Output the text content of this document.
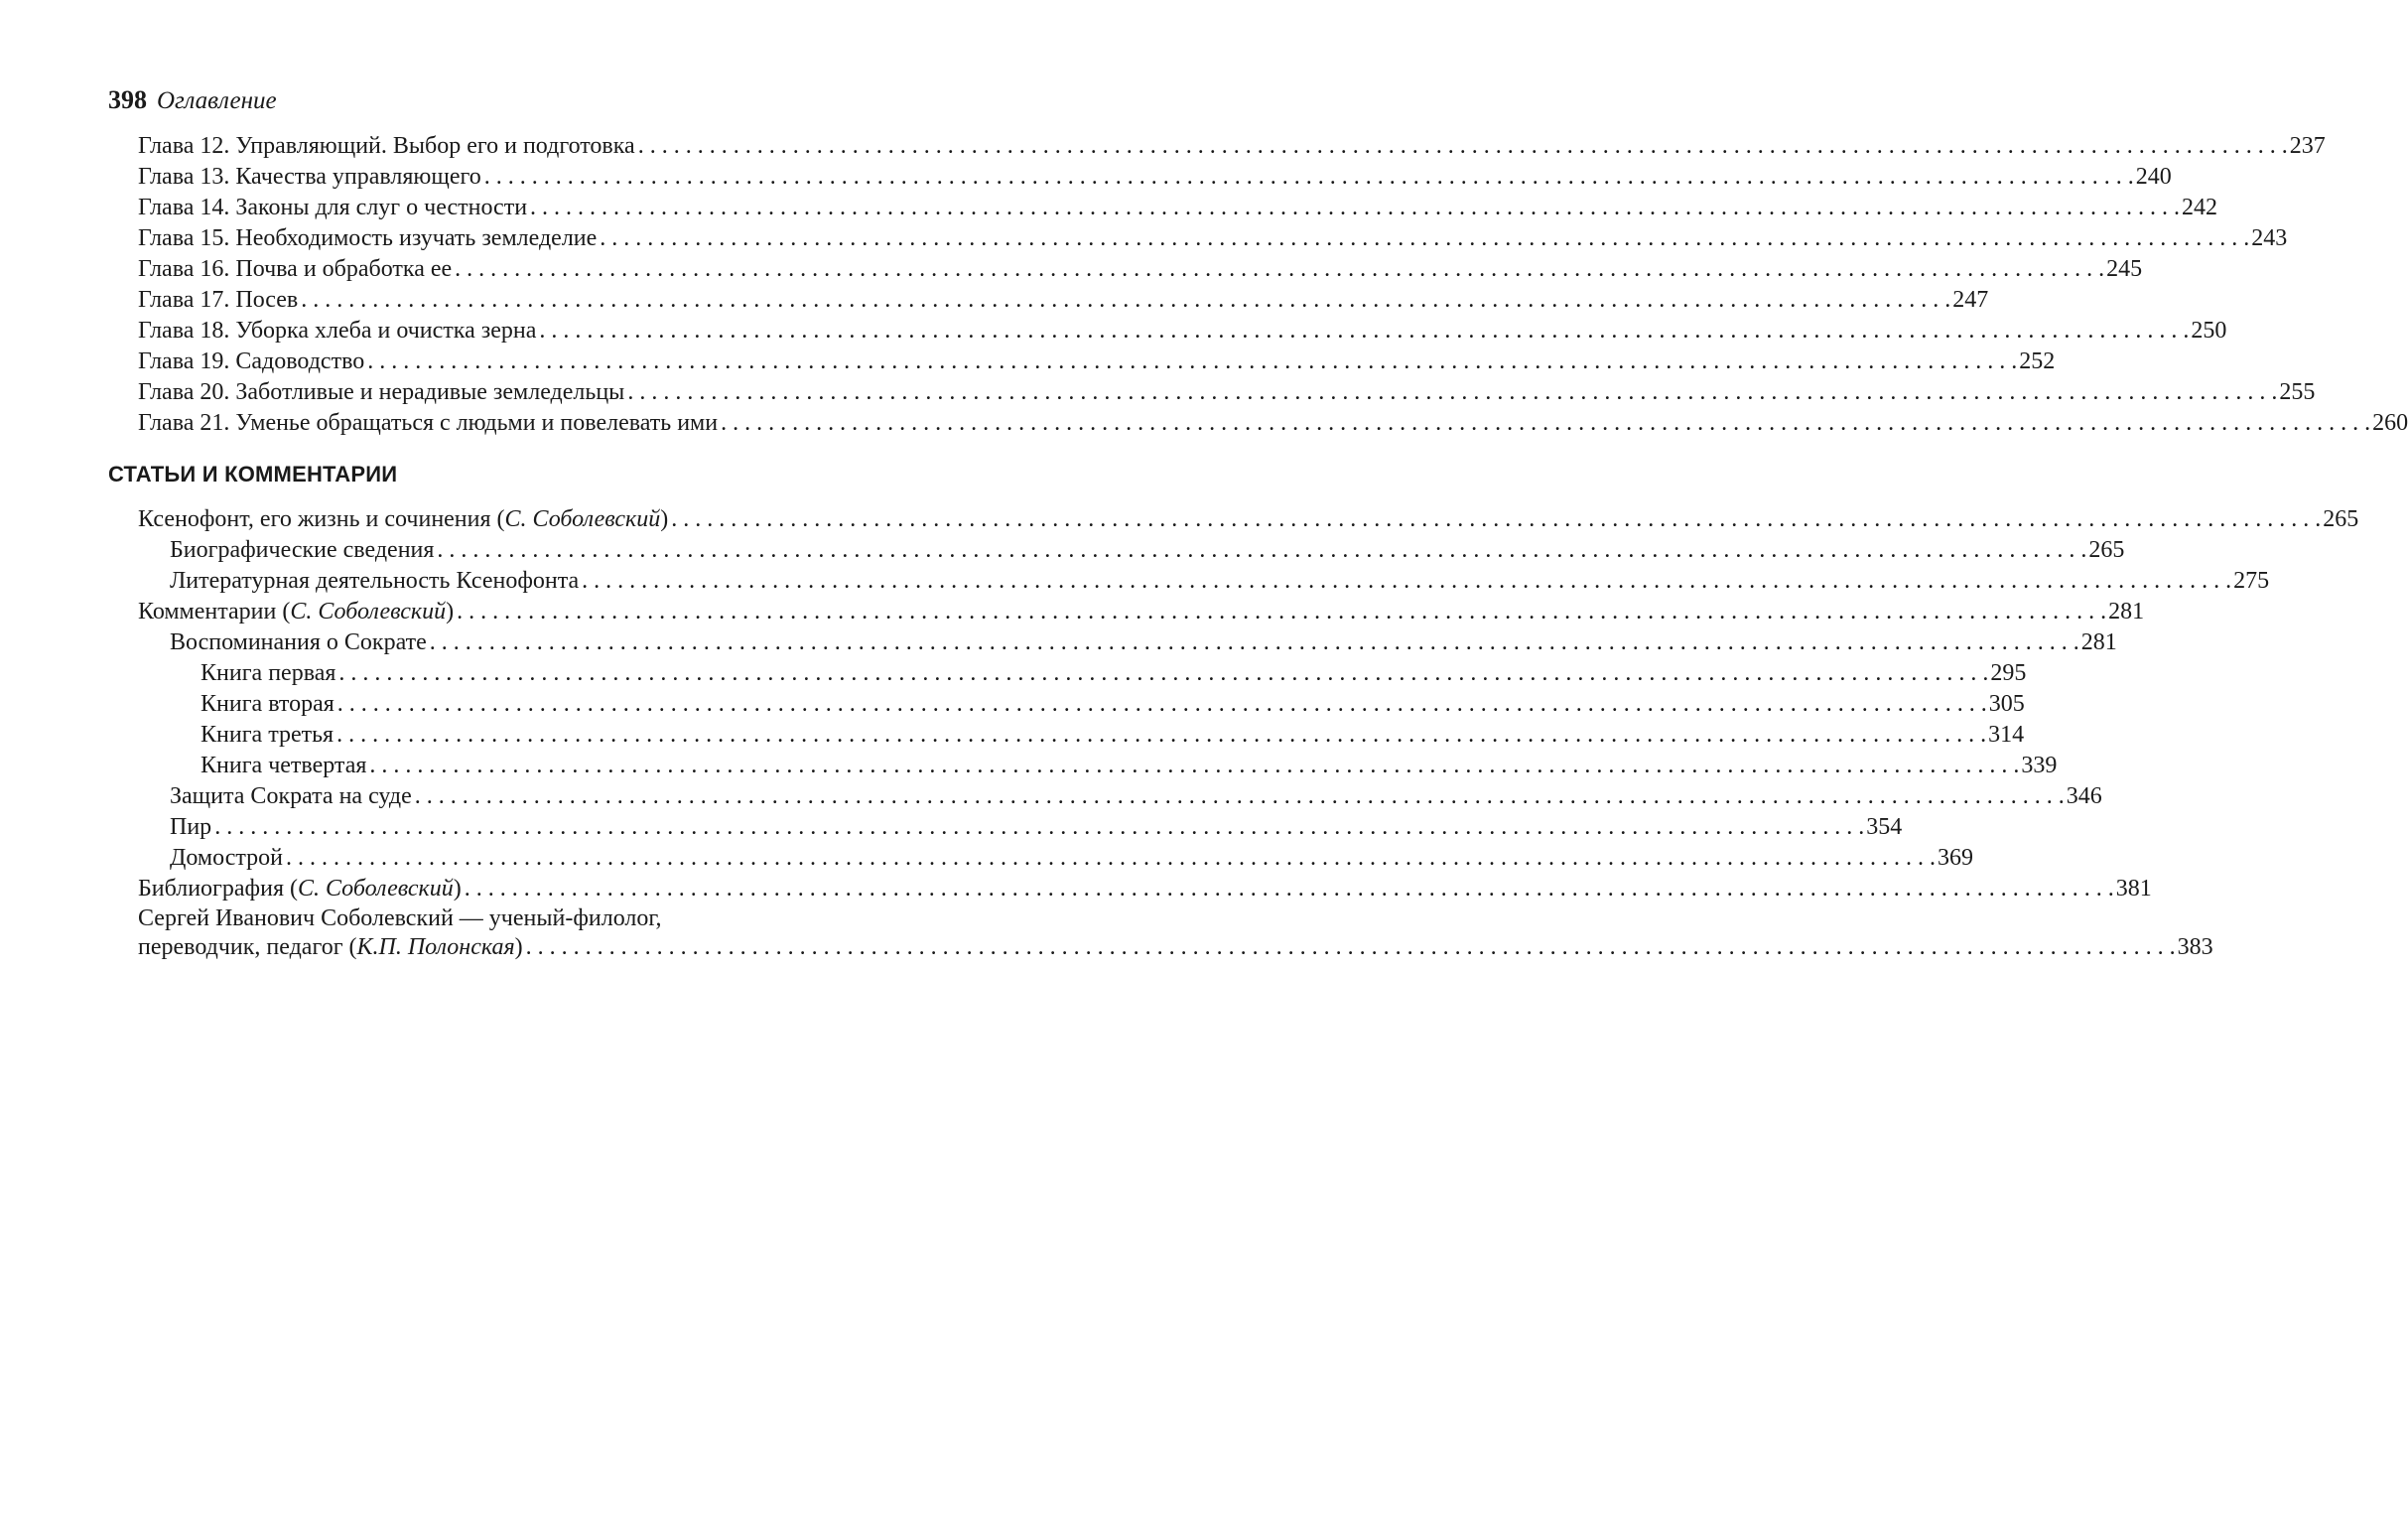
398 Оглавление
Глава 12. Управляющий. Выбор его и подготовка . . .	237
Глава 13. Качества управляющего . . .	240
Глава 14. Законы для слуг о честности . . .	242
Глава 15. Необходимость изучать земледелие . . .	243
Глава 16. Почва и обработка ее . . .	245
Глава 17. Посев . . .	247
Глава 18. Уборка хлеба и очистка зерна . . .	250
Глава 19. Садоводство . . .	252
Глава 20. Заботливые и нерадивые земледельцы . . .	255
Глава 21. Уменье обращаться с людьми и повелевать ими . . .	260
СТАТЬИ И КОММЕНТАРИИ
Ксенофонт, его жизнь и сочинения (С. Соболевский) . . .	265
Биографические сведения . . .	265
Литературная деятельность Ксенофонта . . .	275
Комментарии (С. Соболевский) . . .	281
Воспоминания о Сократе . . .	281
Книга первая . . .	295
Книга вторая . . .	305
Книга третья . . .	314
Книга четвертая . . .	339
Защита Сократа на суде . . .	346
Пир . . .	354
Домострой . . .	369
Библиография (С. Соболевский) . . .	381
Сергей Иванович Соболевский — ученый-филолог,
переводчик, педагог (К.П. Полонская) . . .	383
